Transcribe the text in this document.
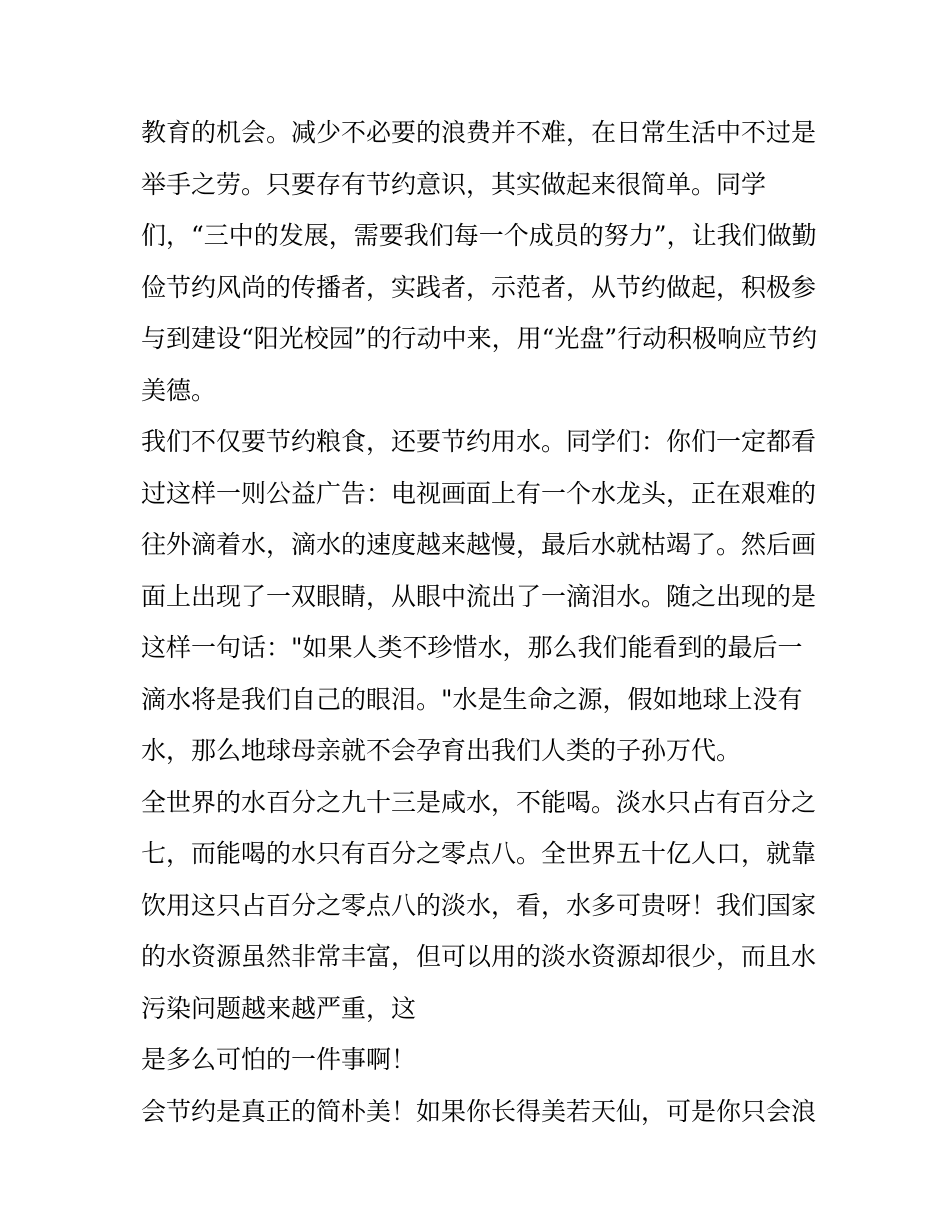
教育的机会。减少不必要的浪费并不难，在日常生活中不过是
举手之劳。只要存有节约意识，其实做起来很简单。同学
们，“三中的发展，需要我们每一个成员的努力”，让我们做勤
俭节约风尚的传播者，实践者，示范者，从节约做起，积极参
与到建设“阳光校园”的行动中来，用“光盘”行动积极响应节约
美德。
我们不仅要节约粮食，还要节约用水。同学们：你们一定都看
过这样一则公益广告：电视画面上有一个水龙头，正在艰难的
往外滴着水，滴水的速度越来越慢，最后水就枯竭了。然后画
面上出现了一双眼睛，从眼中流出了一滴泪水。随之出现的是
这样一句话："如果人类不珍惜水，那么我们能看到的最后一
滴水将是我们自己的眼泪。"水是生命之源，假如地球上没有
水，那么地球母亲就不会孕育出我们人类的子孙万代。
全世界的水百分之九十三是咸水，不能喝。淡水只占有百分之
七，而能喝的水只有百分之零点八。全世界五十亿人口，就靠
饮用这只占百分之零点八的淡水，看，水多可贵呀！我们国家
的水资源虽然非常丰富，但可以用的淡水资源却很少，而且水
污染问题越来越严重，这
是多么可怕的一件事啊！
会节约是真正的简朴美！如果你长得美若天仙，可是你只会浪
